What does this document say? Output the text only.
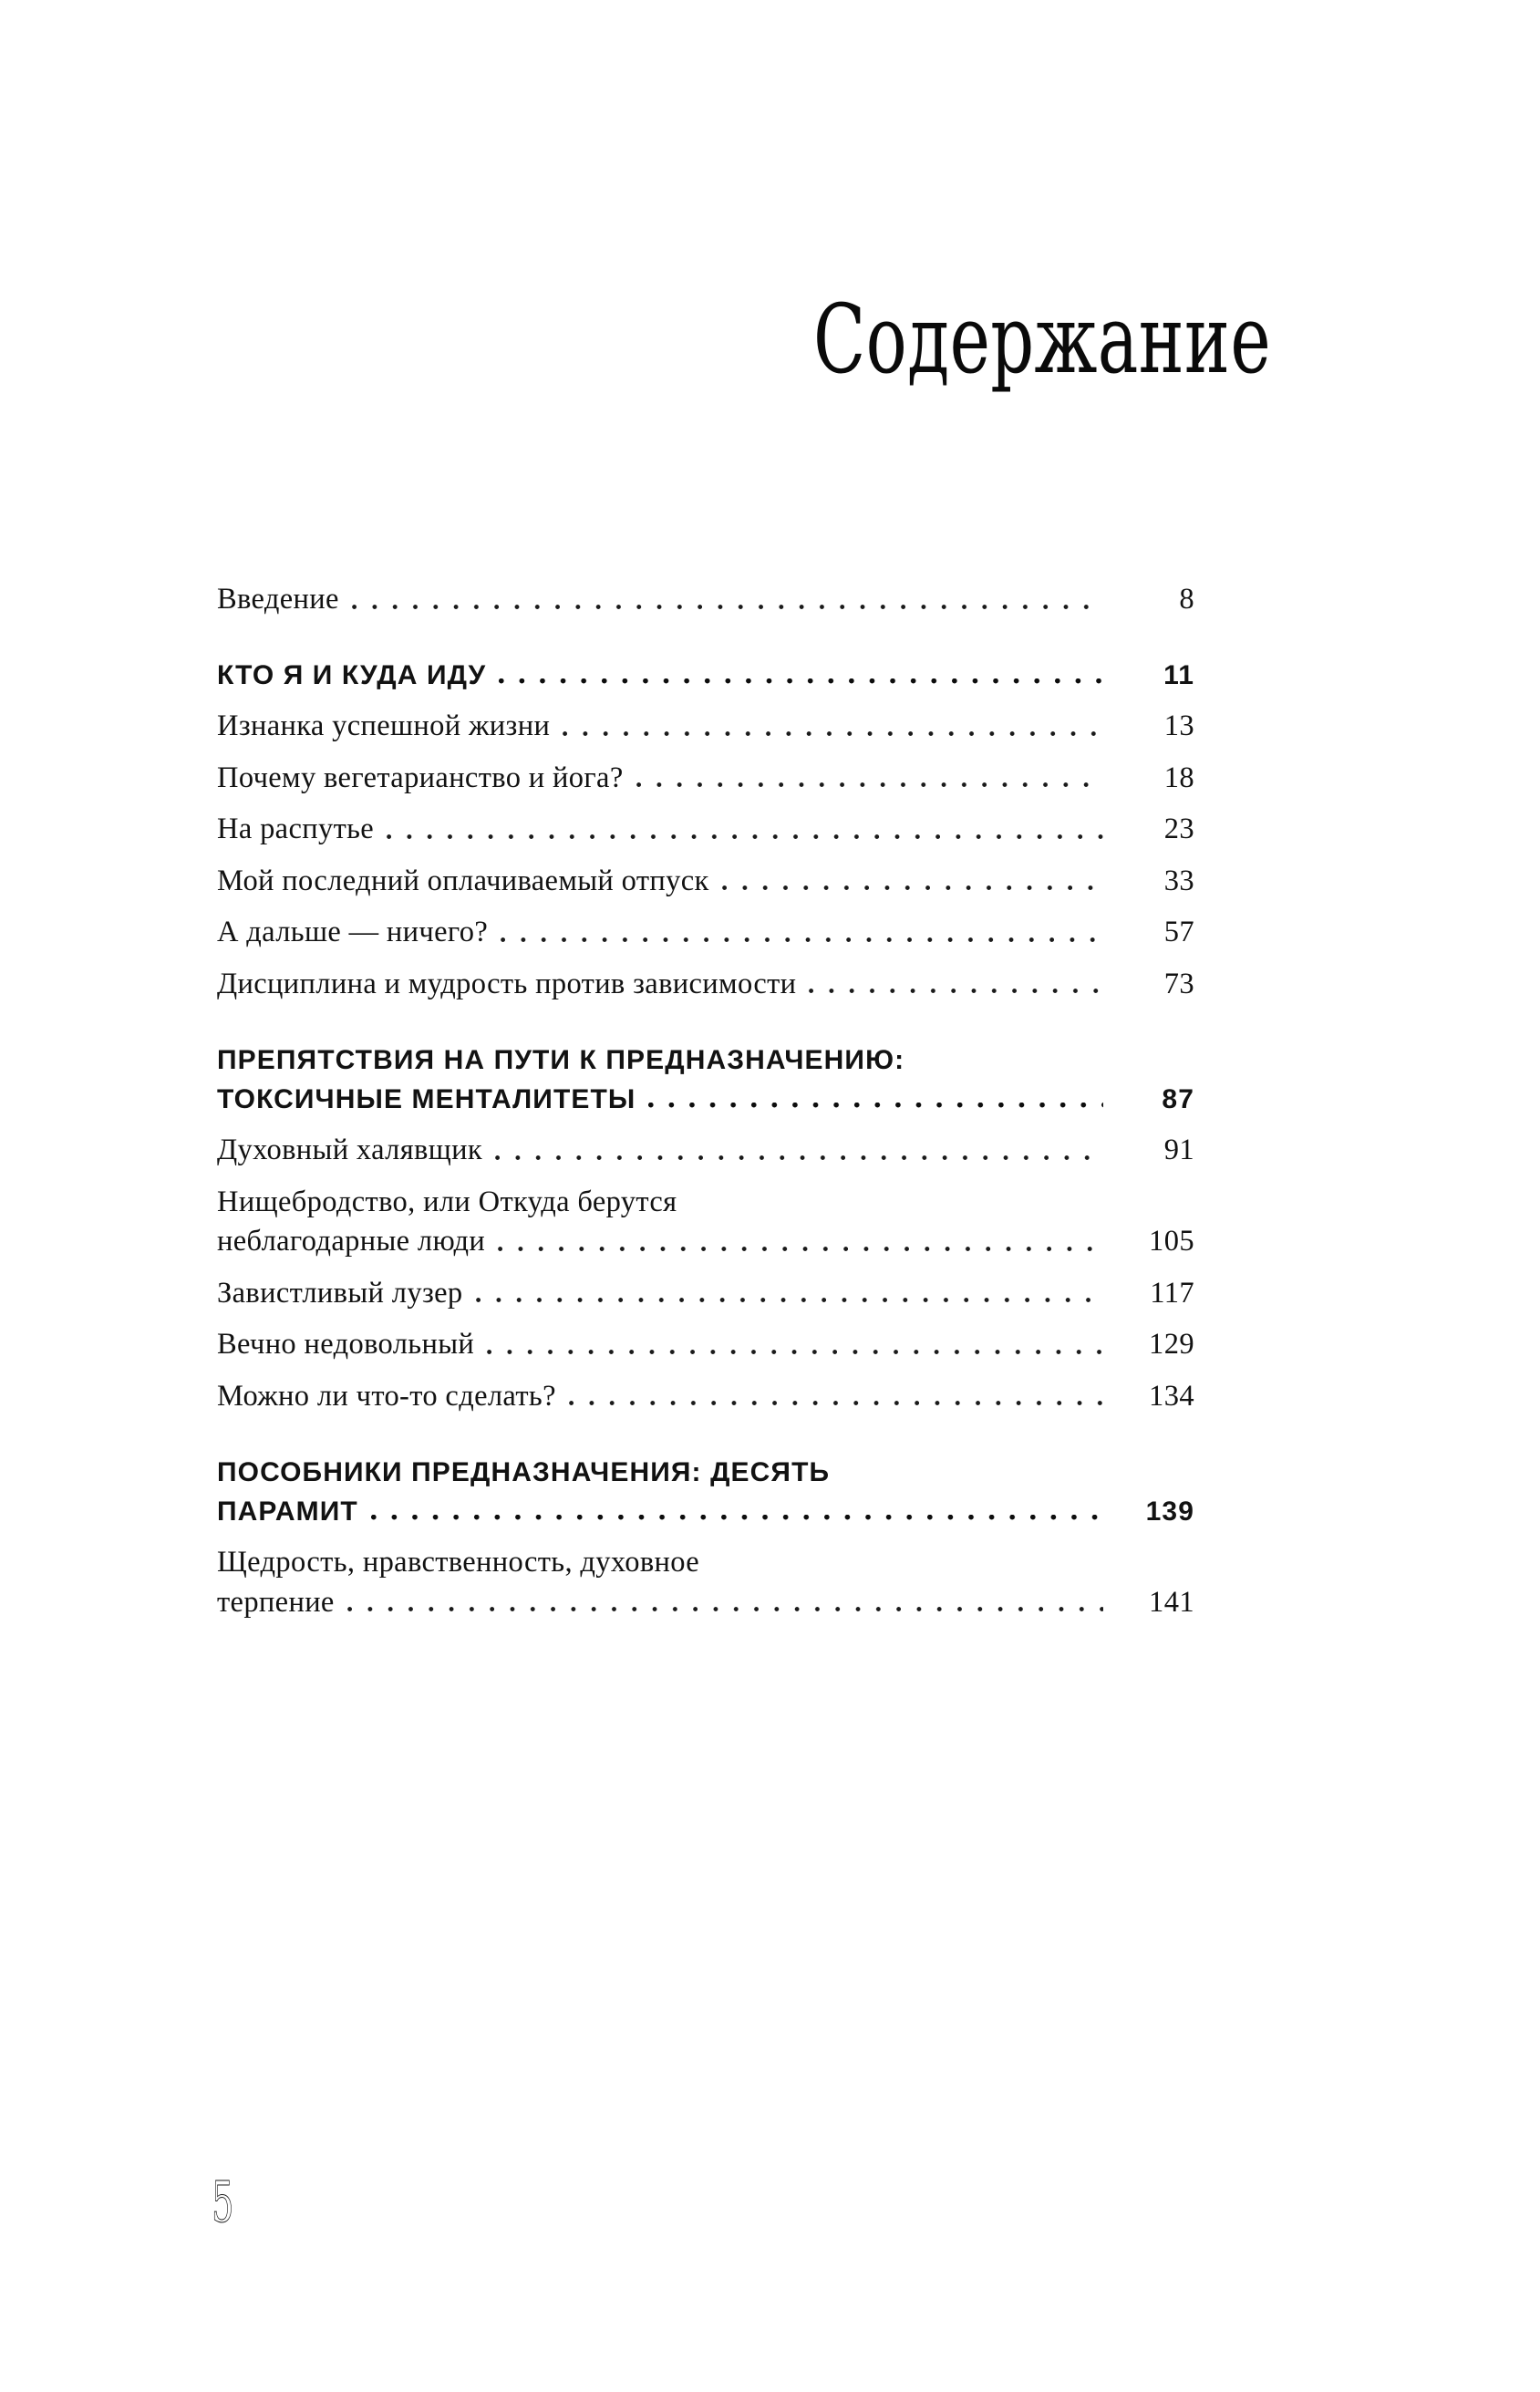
Содержание
Введение	8
КТО Я И КУДА ИДУ	11
Изнанка успешной жизни	13
Почему вегетарианство и йога?	18
На распутье	23
Мой последний оплачиваемый отпуск	33
А дальше — ничего?	57
Дисциплина и мудрость против зависимости	73
ПРЕПЯТСТВИЯ НА ПУТИ К ПРЕДНАЗНАЧЕНИЮ:
ТОКСИЧНЫЕ МЕНТАЛИТЕТЫ	87
Духовный халявщик	91
Нищебродство, или Откуда берутся
неблагодарные люди	105
Завистливый лузер	117
Вечно недовольный	129
Можно ли что-то сделать?	134
ПОСОБНИКИ ПРЕДНАЗНАЧЕНИЯ: ДЕСЯТЬ
ПАРАМИТ	139
Щедрость, нравственность, духовное
терпение	141
5
